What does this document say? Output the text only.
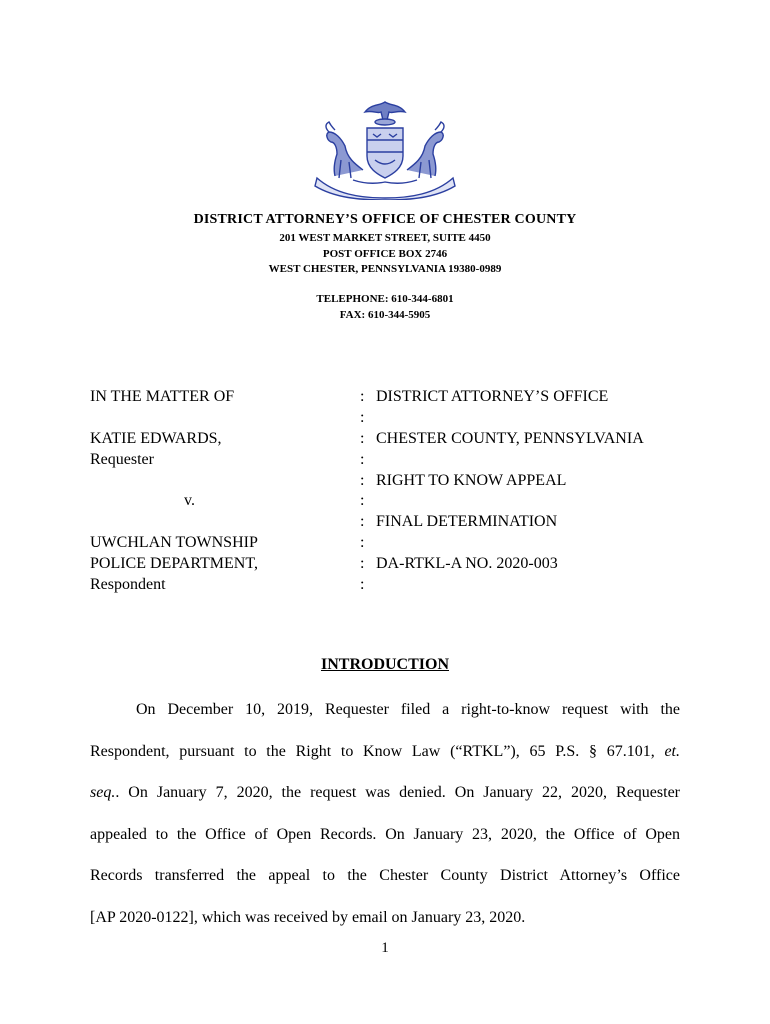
DISTRICT ATTORNEY’S OFFICE OF CHESTER COUNTY
201 WEST MARKET STREET, SUITE 4450
POST OFFICE BOX 2746
WEST CHESTER, PENNSYLVANIA 19380-0989
TELEPHONE: 610-344-6801
FAX: 610-344-5905
IN THE MATTER OF
KATIE EDWARDS,
Requester
v.
UWCHLAN TOWNSHIP
POLICE DEPARTMENT,
Respondent
:
:
:
:
:
:
:
:
:
:
DISTRICT ATTORNEY’S OFFICE
CHESTER COUNTY, PENNSYLVANIA
RIGHT TO KNOW APPEAL
FINAL DETERMINATION
DA-RTKL-A NO. 2020-003
INTRODUCTION
On December 10, 2019, Requester filed a right-to-know request with the
Respondent, pursuant to the Right to Know Law (“RTKL”), 65 P.S. § 67.101, et.
seq.. On January 7, 2020, the request was denied. On January 22, 2020, Requester
appealed to the Office of Open Records. On January 23, 2020, the Office of Open
Records transferred the appeal to the Chester County District Attorney’s Office
[AP 2020-0122], which was received by email on January 23, 2020.
1
